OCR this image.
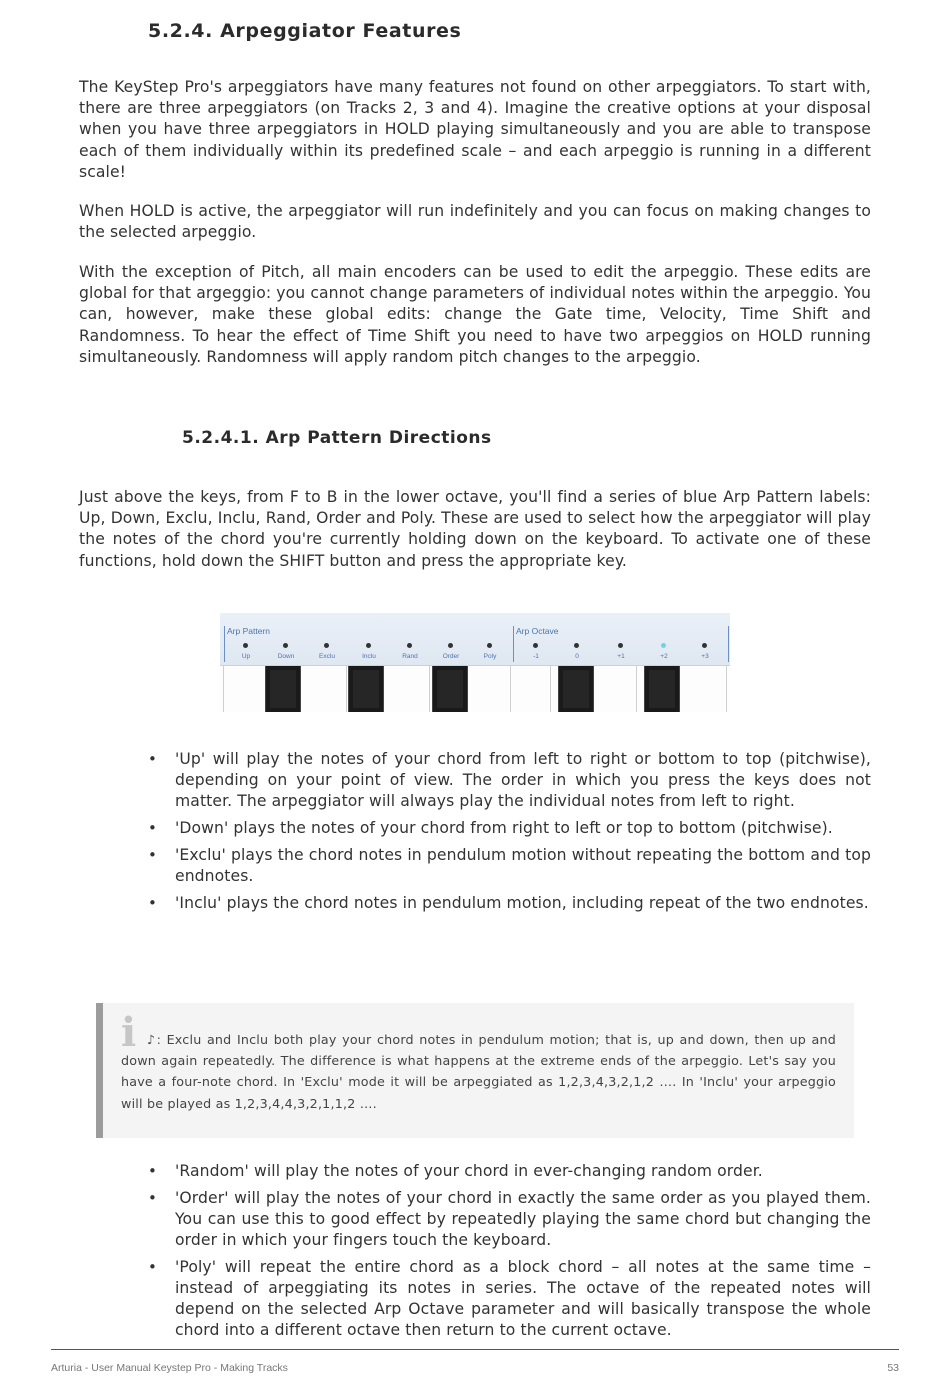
5.2.4. Arpeggiator Features

The KeyStep Pro's arpeggiators have many features not found on other arpeggiators. To start with, there are three arpeggiators (on Tracks 2, 3 and 4). Imagine the creative options at your disposal when you have three arpeggiators in HOLD playing simultaneously and you are able to transpose each of them individually within its predefined scale – and each arpeggio is running in a different scale!

When HOLD is active, the arpeggiator will run indefinitely and you can focus on making changes to the selected arpeggio.

With the exception of Pitch, all main encoders can be used to edit the arpeggio. These edits are global for that argeggio: you cannot change parameters of individual notes within the arpeggio. You can, however, make these global edits: change the Gate time, Velocity, Time Shift and Randomness. To hear the effect of Time Shift you need to have two arpeggios on HOLD running simultaneously. Randomness will apply random pitch changes to the arpeggio.

5.2.4.1. Arp Pattern Directions

Just above the keys, from F to B in the lower octave, you'll find a series of blue Arp Pattern labels: Up, Down, Exclu, Inclu, Rand, Order and Poly. These are used to select how the arpeggiator will play the notes of the chord you're currently holding down on the keyboard. To activate one of these functions, hold down the SHIFT button and press the appropriate key.

Arp Pattern	Arp Octave
Up	Down	Exclu	Inclu	Rand	Order	Poly	-1	0	+1	+2	+3
• 'Up' will play the notes of your chord from left to right or bottom to top (pitchwise), depending on your point of view. The order in which you press the keys does not matter. The arpeggiator will always play the individual notes from left to right.
• 'Down' plays the notes of your chord from right to left or top to bottom (pitchwise).
• 'Exclu' plays the chord notes in pendulum motion without repeating the bottom and top endnotes.
• 'Inclu' plays the chord notes in pendulum motion, including repeat of the two endnotes.
i ♪: Exclu and Inclu both play your chord notes in pendulum motion; that is, up and down, then up and down again repeatedly. The difference is what happens at the extreme ends of the arpeggio. Let's say you have a four-note chord. In 'Exclu' mode it will be arpeggiated as 1,2,3,4,3,2,1,2 …. In 'Inclu' your arpeggio will be played as 1,2,3,4,4,3,2,1,1,2 ….

• 'Random' will play the notes of your chord in ever-changing random order.
• 'Order' will play the notes of your chord in exactly the same order as you played them. You can use this to good effect by repeatedly playing the same chord but changing the order in which your fingers touch the keyboard.
• 'Poly' will repeat the entire chord as a block chord – all notes at the same time – instead of arpeggiating its notes in series. The octave of the repeated notes will depend on the selected Arp Octave parameter and will basically transpose the whole chord into a different octave then return to the current octave.
Arturia - User Manual Keystep Pro - Making Tracks	53
